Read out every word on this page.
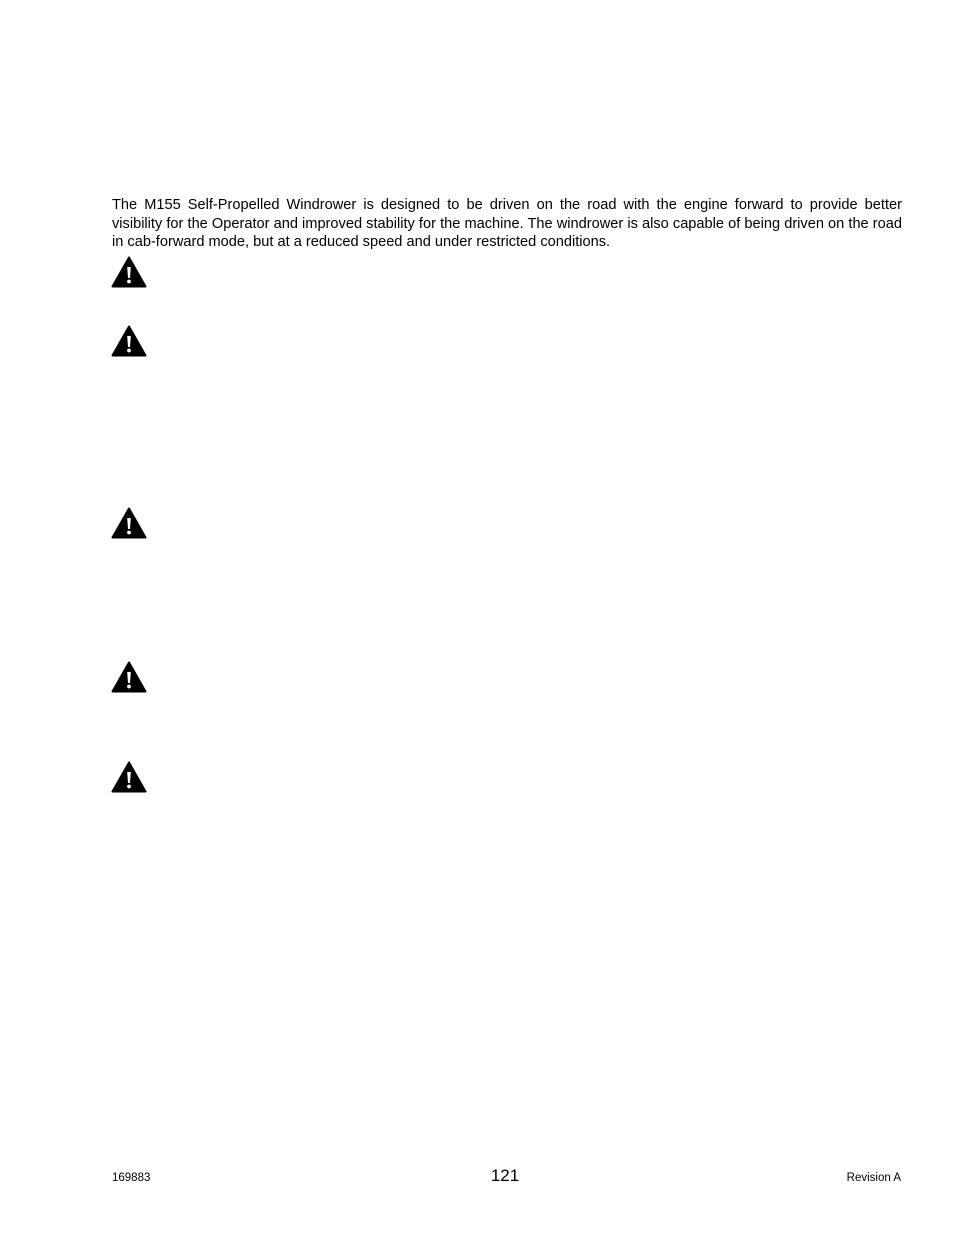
The M155 Self-Propelled Windrower is designed to be driven on the road with the engine forward to provide better visibility for the Operator and improved stability for the machine. The windrower is also capable of being driven on the road in cab-forward mode, but at a reduced speed and under restricted conditions.

169883	121	Revision A
